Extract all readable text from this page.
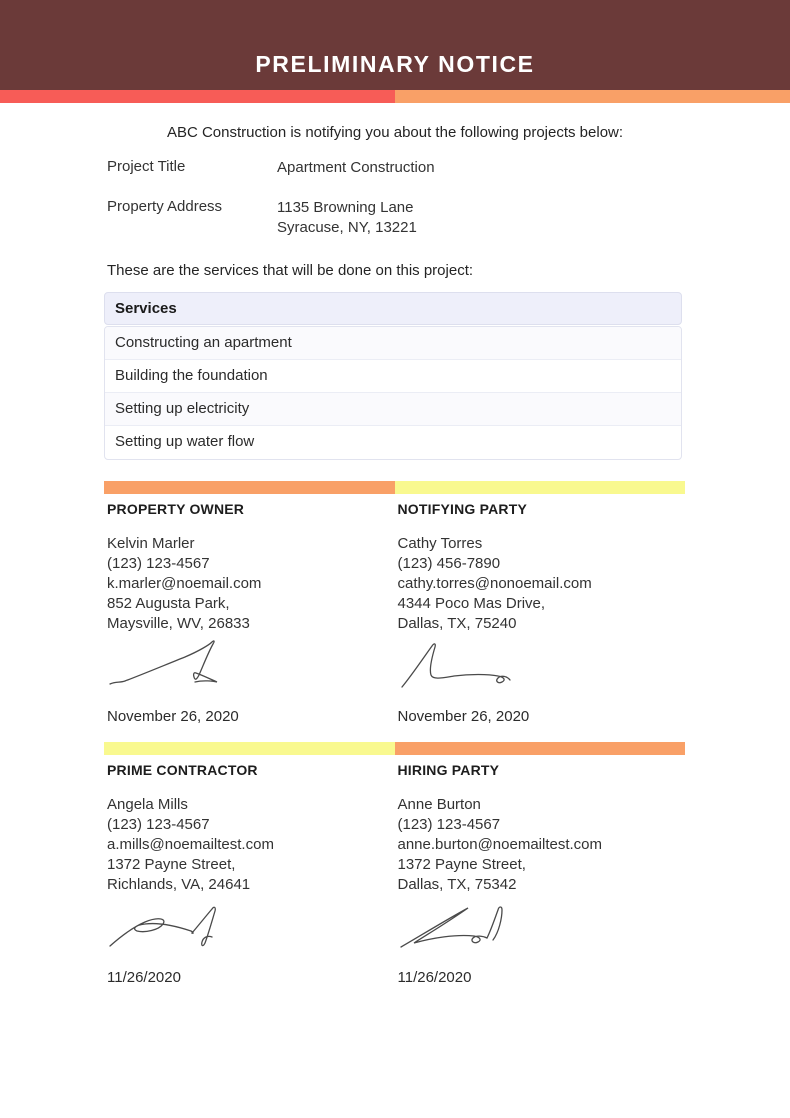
PRELIMINARY NOTICE

ABC Construction is notifying you about the following projects below:

Project Title	Apartment Construction
Property Address	1135 Browning Lane
Syracuse, NY, 13221

These are the services that will be done on this project:

Services
Constructing an apartment
Building the foundation
Setting up electricity
Setting up water flow
PROPERTY OWNER
Kelvin Marler
(123) 123-4567
k.marler@noemail.com
852 Augusta Park,
Maysville, WV, 26833
November 26, 2020
NOTIFYING PARTY
Cathy Torres
(123) 456-7890
cathy.torres@nonoemail.com
4344 Poco Mas Drive,
Dallas, TX, 75240
November 26, 2020
PRIME CONTRACTOR
Angela Mills
(123) 123-4567
a.mills@noemailtest.com
1372 Payne Street,
Richlands, VA, 24641
11/26/2020
HIRING PARTY
Anne Burton
(123) 123-4567
anne.burton@noemailtest.com
1372 Payne Street,
Dallas, TX, 75342
11/26/2020
